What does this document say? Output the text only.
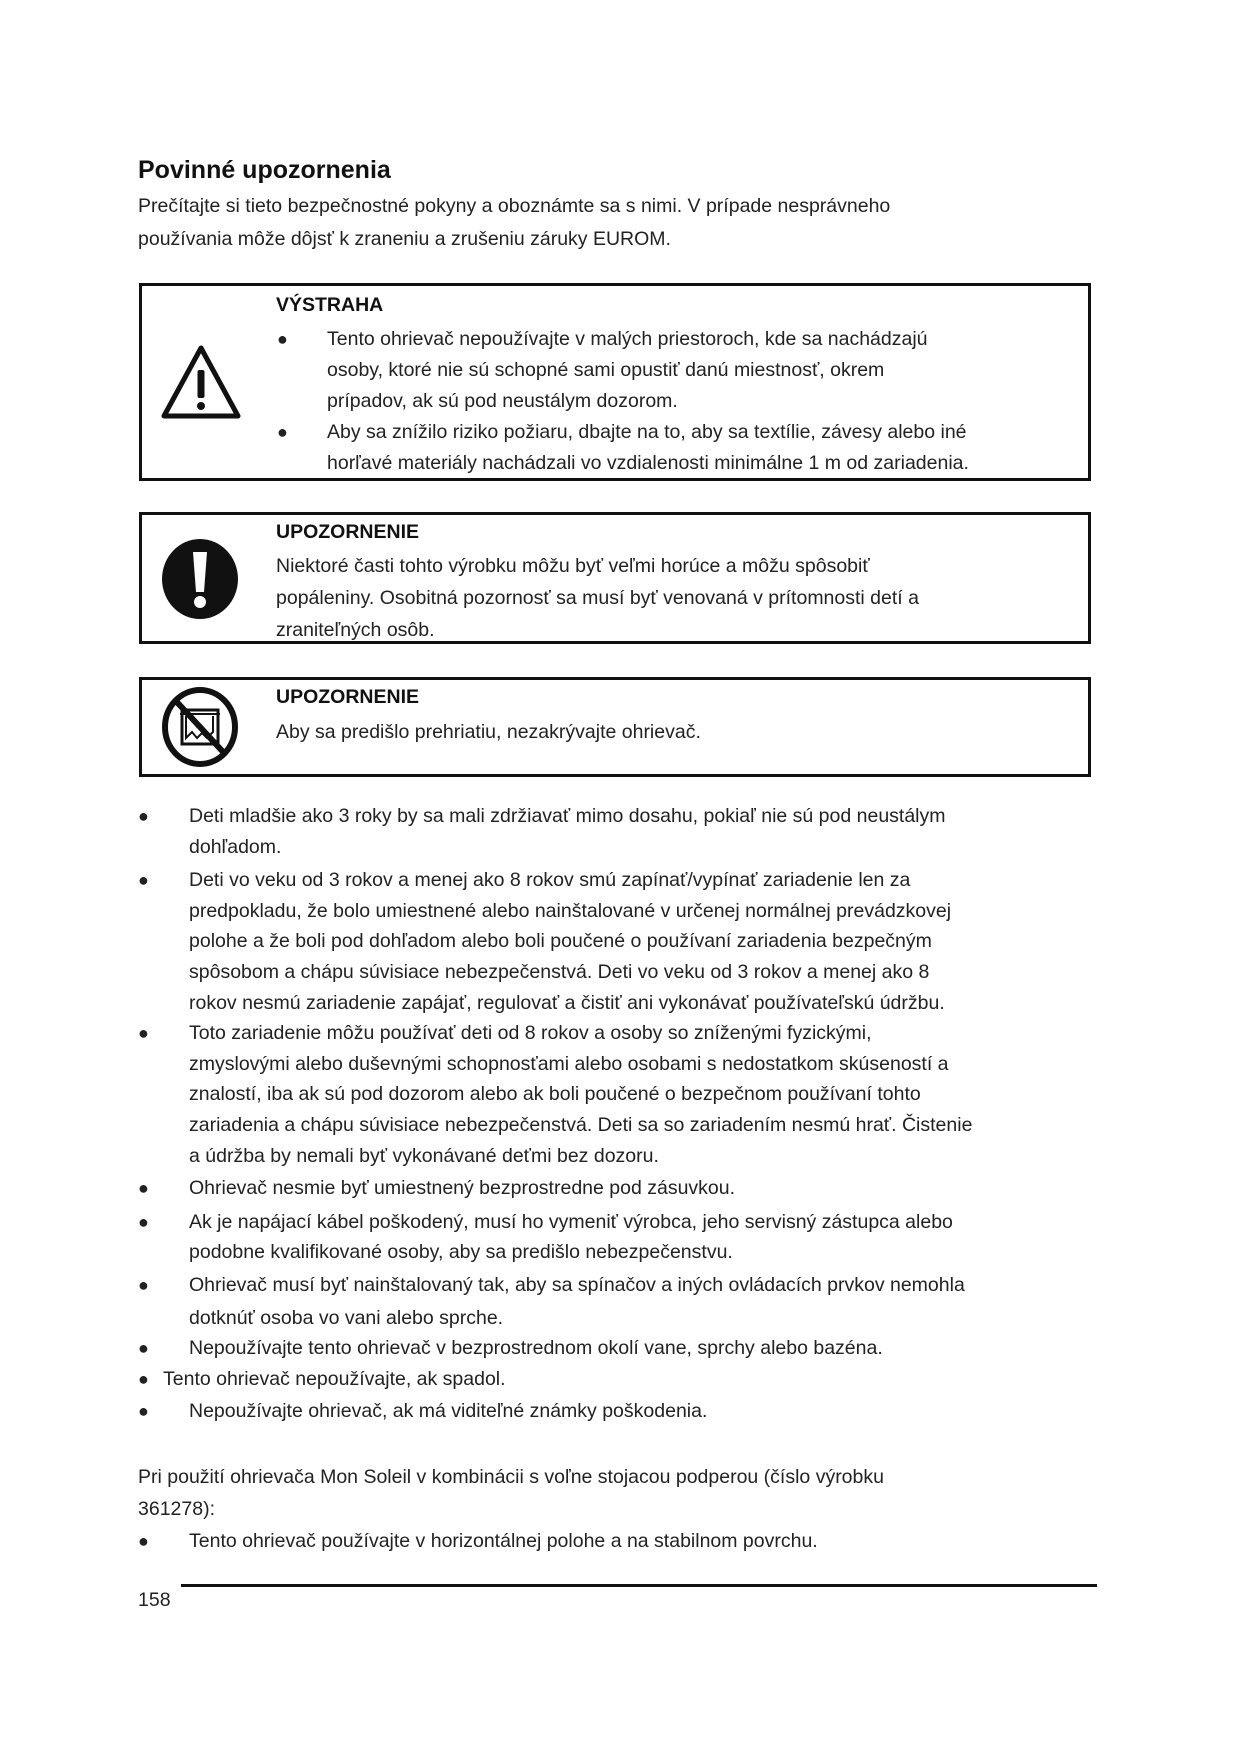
Povinné upozornenia
Prečítajte si tieto bezpečnostné pokyny a oboznámte sa s nimi. V prípade nesprávneho
používania môže dôjsť k zraneniu a zrušeniu záruky EUROM.
VÝSTRAHA
● Tento ohrievač nepoužívajte v malých priestoroch, kde sa nachádzajú
osoby, ktoré nie sú schopné sami opustiť danú miestnosť, okrem
prípadov, ak sú pod neustálym dozorom.
● Aby sa znížilo riziko požiaru, dbajte na to, aby sa textílie, závesy alebo iné
horľavé materiály nachádzali vo vzdialenosti minimálne 1 m od zariadenia.
UPOZORNENIE
Niektoré časti tohto výrobku môžu byť veľmi horúce a môžu spôsobiť
popáleniny. Osobitná pozornosť sa musí byť venovaná v prítomnosti detí a
zraniteľných osôb.
UPOZORNENIE
Aby sa predišlo prehriatiu, nezakrývajte ohrievač.
● Deti mladšie ako 3 roky by sa mali zdržiavať mimo dosahu, pokiaľ nie sú pod neustálym
dohľadom.
● Deti vo veku od 3 rokov a menej ako 8 rokov smú zapínať/vypínať zariadenie len za
predpokladu, že bolo umiestnené alebo nainštalované v určenej normálnej prevádzkovej
polohe a že boli pod dohľadom alebo boli poučené o používaní zariadenia bezpečným
spôsobom a chápu súvisiace nebezpečenstvá. Deti vo veku od 3 rokov a menej ako 8
rokov nesmú zariadenie zapájať, regulovať a čistiť ani vykonávať používateľskú údržbu.
● Toto zariadenie môžu používať deti od 8 rokov a osoby so zníženými fyzickými,
zmyslovými alebo duševnými schopnosťami alebo osobami s nedostatkom skúseností a
znalostí, iba ak sú pod dozorom alebo ak boli poučené o bezpečnom používaní tohto
zariadenia a chápu súvisiace nebezpečenstvá. Deti sa so zariadením nesmú hrať. Čistenie
a údržba by nemali byť vykonávané deťmi bez dozoru.
● Ohrievač nesmie byť umiestnený bezprostredne pod zásuvkou.
● Ak je napájací kábel poškodený, musí ho vymeniť výrobca, jeho servisný zástupca alebo
podobne kvalifikované osoby, aby sa predišlo nebezpečenstvu.
● Ohrievač musí byť nainštalovaný tak, aby sa spínačov a iných ovládacích prvkov nemohla
dotknúť osoba vo vani alebo sprche.
● Nepoužívajte tento ohrievač v bezprostrednom okolí vane, sprchy alebo bazéna.
● Tento ohrievač nepoužívajte, ak spadol.
● Nepoužívajte ohrievač, ak má viditeľné známky poškodenia.
Pri použití ohrievača Mon Soleil v kombinácii s voľne stojacou podperou (číslo výrobku
361278):
● Tento ohrievač používajte v horizontálnej polohe a na stabilnom povrchu.
158
